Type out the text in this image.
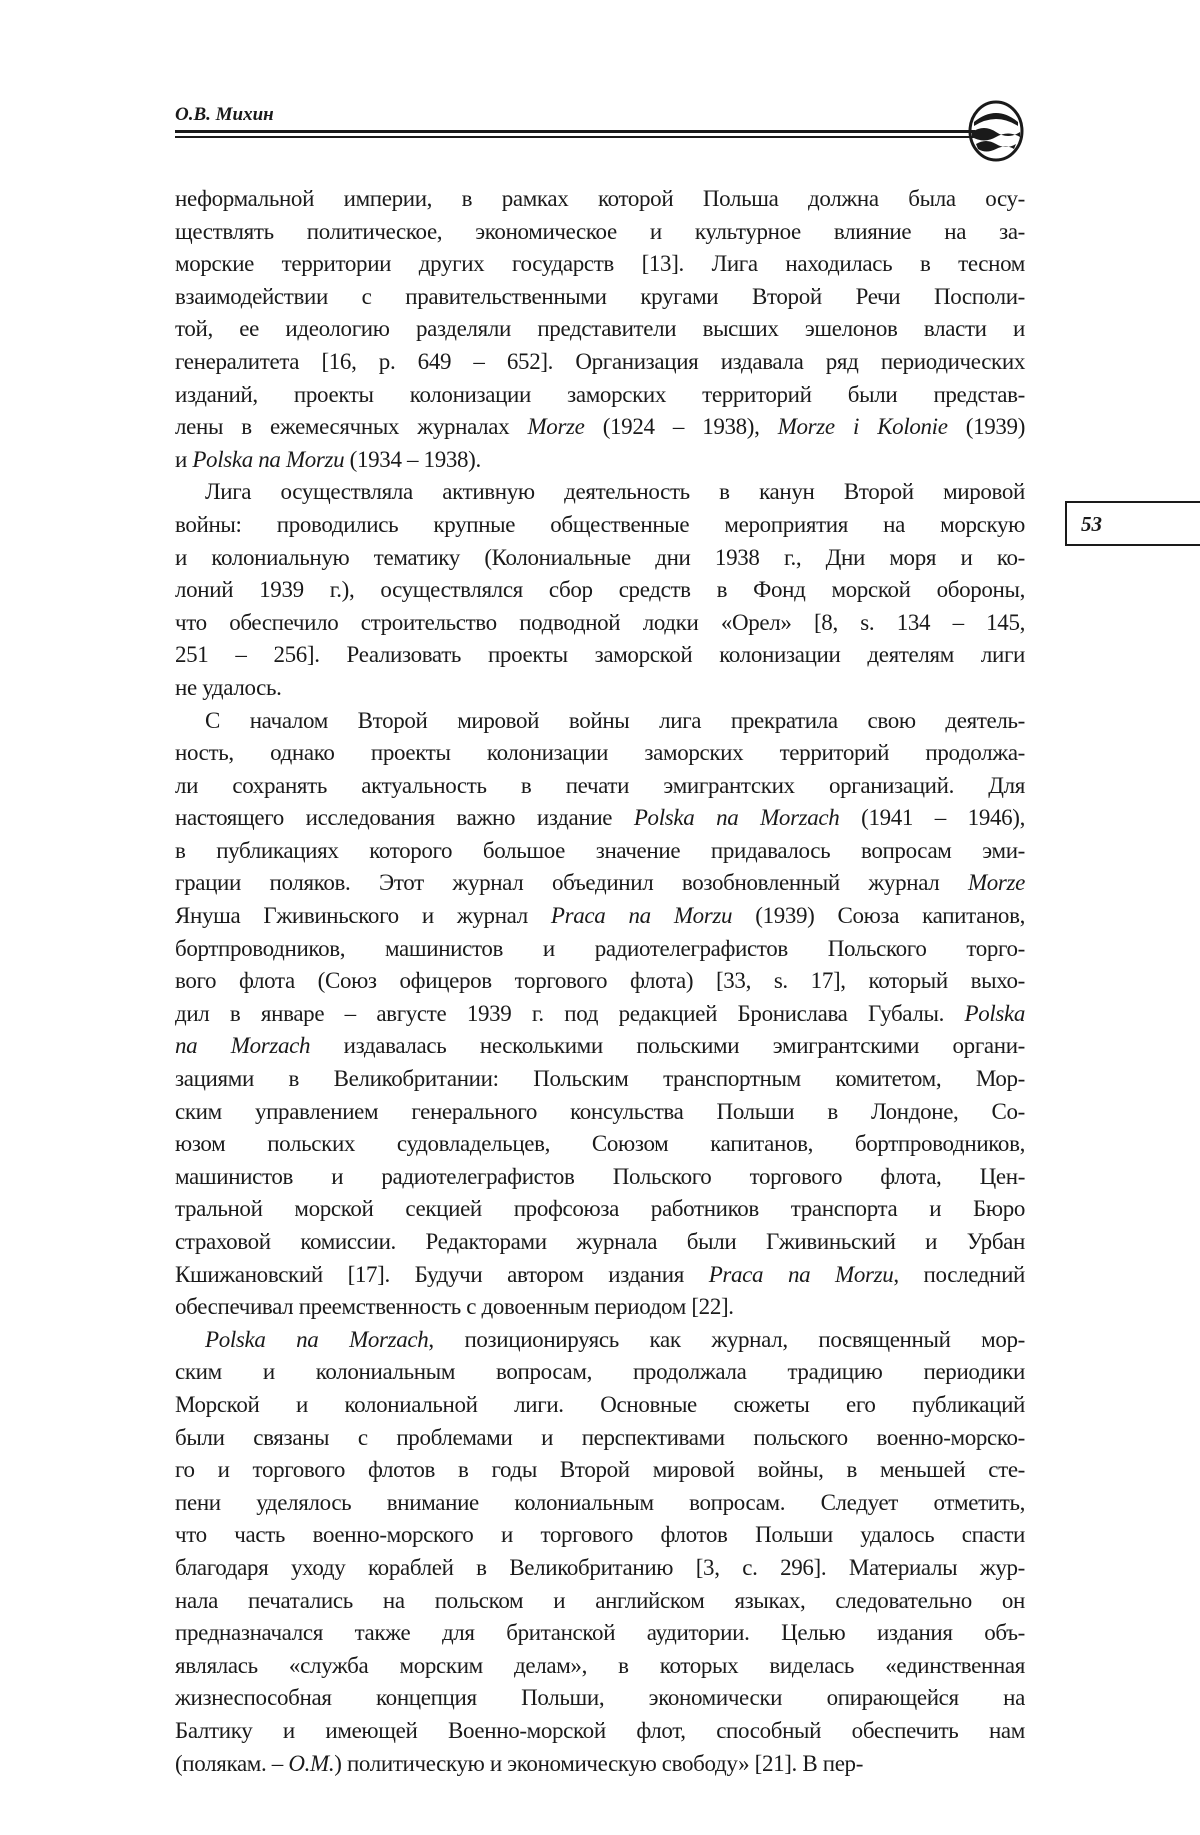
О.В. Михин
53
неформальной империи, в рамках которой Польша должна была осу-
ществлять политическое, экономическое и культурное влияние на за-
морские территории других государств [13]. Лига находилась в тесном
взаимодействии с правительственными кругами Второй Речи Посполи-
той, ее идеологию разделяли представители высших эшелонов власти и
генералитета [16, p. 649 – 652]. Организация издавала ряд периодических
изданий, проекты колонизации заморских территорий были представ-
лены в ежемесячных журналах Morze (1924 – 1938), Morze i Kolonie (1939)
и Polska na Morzu (1934 – 1938).
Лига осуществляла активную деятельность в канун Второй мировой
войны: проводились крупные общественные мероприятия на морскую
и колониальную тематику (Колониальные дни 1938 г., Дни моря и ко-
лоний 1939 г.), осуществлялся сбор средств в Фонд морской обороны,
что обеспечило строительство подводной лодки «Орел» [8, s. 134 – 145,
251 – 256]. Реализовать проекты заморской колонизации деятелям лиги
не удалось.
С началом Второй мировой войны лига прекратила свою деятель-
ность, однако проекты колонизации заморских территорий продолжа-
ли сохранять актуальность в печати эмигрантских организаций. Для
настоящего исследования важно издание Polska na Morzach (1941 – 1946),
в публикациях которого большое значение придавалось вопросам эми-
грации поляков. Этот журнал объединил возобновленный журнал Morze
Януша Гживиньского и журнал Praca na Morzu (1939) Союза капитанов,
бортпроводников, машинистов и радиотелеграфистов Польского торго-
вого флота (Союз офицеров торгового флота) [33, s. 17], который выхо-
дил в январе – августе 1939 г. под редакцией Бронислава Губалы. Polska
na Morzach издавалась несколькими польскими эмигрантскими органи-
зациями в Великобритании: Польским транспортным комитетом, Мор-
ским управлением генерального консульства Польши в Лондоне, Со-
юзом польских судовладельцев, Союзом капитанов, бортпроводников,
машинистов и радиотелеграфистов Польского торгового флота, Цен-
тральной морской секцией профсоюза работников транспорта и Бюро
страховой комиссии. Редакторами журнала были Гживиньский и Урбан
Кшижановский [17]. Будучи автором издания Praca na Morzu, последний
обеспечивал преемственность с довоенным периодом [22].
Polska na Morzach, позиционируясь как журнал, посвященный мор-
ским и колониальным вопросам, продолжала традицию периодики
Морской и колониальной лиги. Основные сюжеты его публикаций
были связаны с проблемами и перспективами польского военно-морско-
го и торгового флотов в годы Второй мировой войны, в меньшей сте-
пени уделялось внимание колониальным вопросам. Следует отметить,
что часть военно-морского и торгового флотов Польши удалось спасти
благодаря уходу кораблей в Великобританию [3, с. 296]. Материалы жур-
нала печатались на польском и английском языках, следовательно он
предназначался также для британской аудитории. Целью издания объ-
являлась «служба морским делам», в которых виделась «единственная
жизнеспособная концепция Польши, экономически опирающейся на
Балтику и имеющей Военно-морской флот, способный обеспечить нам
(полякам. – О.М.) политическую и экономическую свободу» [21]. В пер-
